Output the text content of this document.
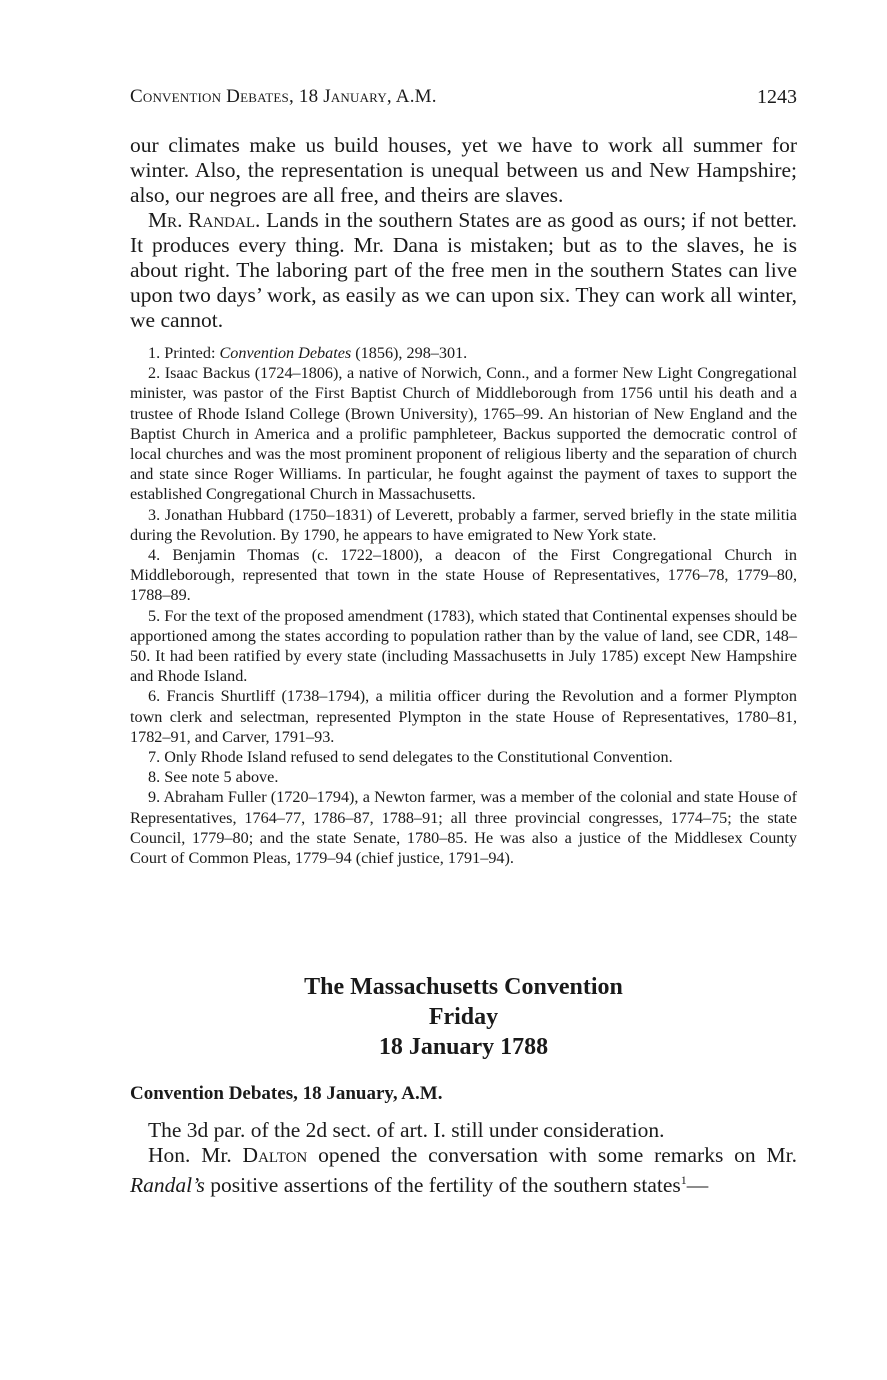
Convention Debates, 18 January, A.M.	1243

our climates make us build houses, yet we have to work all summer for winter. Also, the representation is unequal between us and New Hampshire; also, our negroes are all free, and theirs are slaves.

Mr. Randal. Lands in the southern States are as good as ours; if not better. It produces every thing. Mr. Dana is mistaken; but as to the slaves, he is about right. The laboring part of the free men in the southern States can live upon two days’ work, as easily as we can upon six. They can work all winter, we cannot.

1. Printed: Convention Debates (1856), 298–301.

2. Isaac Backus (1724–1806), a native of Norwich, Conn., and a former New Light Congregational minister, was pastor of the First Baptist Church of Middleborough from 1756 until his death and a trustee of Rhode Island College (Brown University), 1765–99. An historian of New England and the Baptist Church in America and a prolific pamphleteer, Backus supported the democratic control of local churches and was the most prominent proponent of religious liberty and the separation of church and state since Roger Williams. In particular, he fought against the payment of taxes to support the established Congregational Church in Massachusetts.

3. Jonathan Hubbard (1750–1831) of Leverett, probably a farmer, served briefly in the state militia during the Revolution. By 1790, he appears to have emigrated to New York state.

4. Benjamin Thomas (c. 1722–1800), a deacon of the First Congregational Church in Middleborough, represented that town in the state House of Representatives, 1776–78, 1779–80, 1788–89.

5. For the text of the proposed amendment (1783), which stated that Continental expenses should be apportioned among the states according to population rather than by the value of land, see CDR, 148–50. It had been ratified by every state (including Massachusetts in July 1785) except New Hampshire and Rhode Island.

6. Francis Shurtliff (1738–1794), a militia officer during the Revolution and a former Plympton town clerk and selectman, represented Plympton in the state House of Representatives, 1780–81, 1782–91, and Carver, 1791–93.

7. Only Rhode Island refused to send delegates to the Constitutional Convention.

8. See note 5 above.

9. Abraham Fuller (1720–1794), a Newton farmer, was a member of the colonial and state House of Representatives, 1764–77, 1786–87, 1788–91; all three provincial congresses, 1774–75; the state Council, 1779–80; and the state Senate, 1780–85. He was also a justice of the Middlesex County Court of Common Pleas, 1779–94 (chief justice, 1791–94).

The Massachusetts Convention
Friday
18 January 1788
Convention Debates, 18 January, A.M.

The 3d par. of the 2d sect. of art. I. still under consideration.

Hon. Mr. Dalton opened the conversation with some remarks on Mr. Randal’s positive assertions of the fertility of the southern states$^1$—
